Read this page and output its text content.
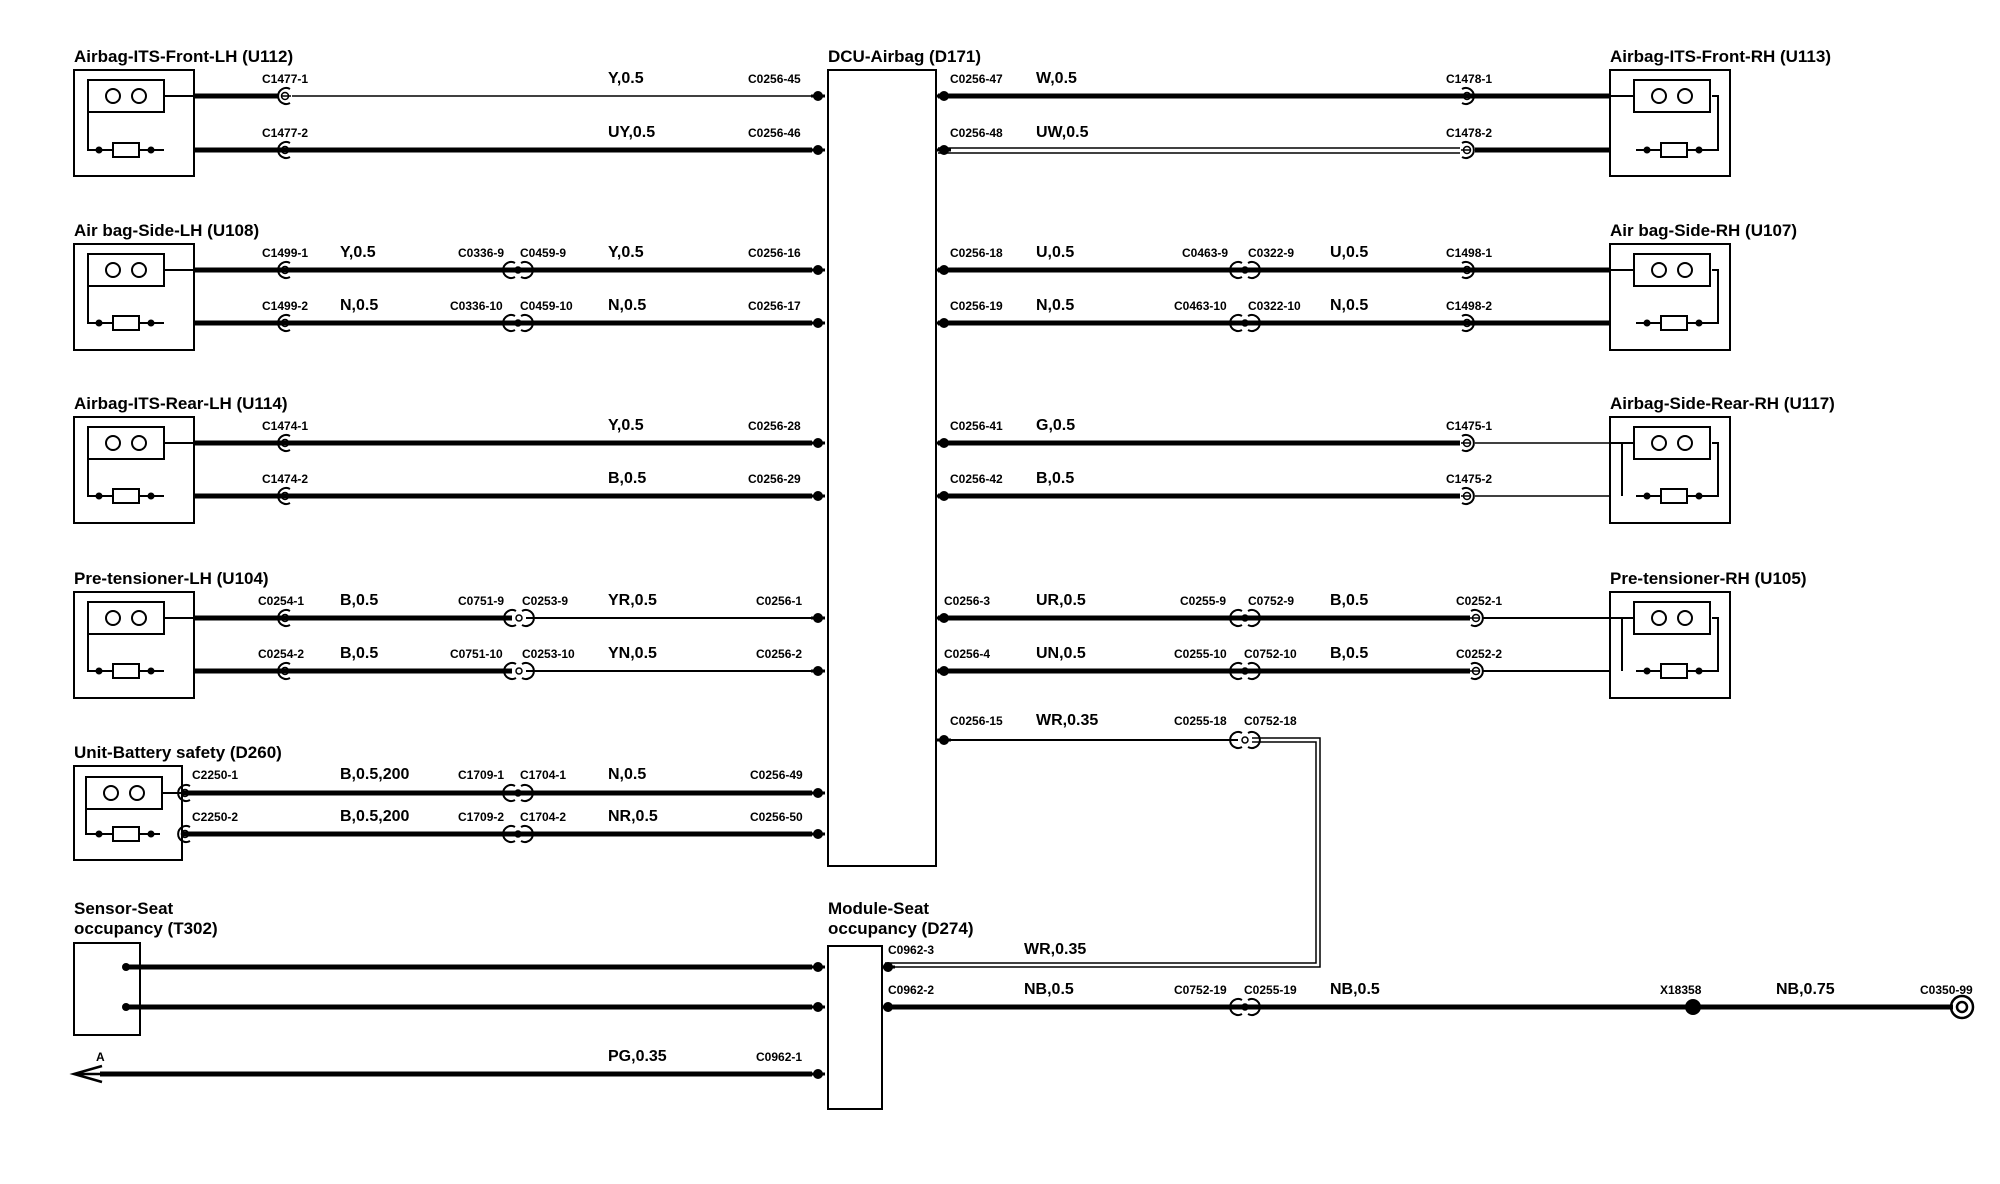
Airbag-ITS-Front-LH (U112)
Air bag-Side-LH (U108)
Airbag-ITS-Rear-LH (U114)
Pre-tensioner-LH (U104)
Unit-Battery safety (D260)
Sensor-Seat
occupancy (T302)
DCU-Airbag (D171)
Module-Seat
occupancy (D274)
Airbag-ITS-Front-RH (U113)
Air bag-Side-RH (U107)
Airbag-Side-Rear-RH (U117)
Pre-tensioner-RH (U105)
C1477-1
C1477-2
C0256-45
C0256-46
C0256-47
C0256-48
C1478-1
C1478-2
C1499-1
C1499-2
C0336-9 C0459-9
C0336-10 C0459-10
C0256-16
C0256-17
C0256-18
C0256-19
C0463-9 C0322-9
C0463-10 C0322-10
C1498-1
C1498-2
C1474-1
C1474-2
C0256-28
C0256-29
C0256-41
C0256-42
C1475-1
C1475-2
C0254-1
C0254-2
C0751-9 C0253-9
C0751-10 C0253-10
C0256-1
C0256-2
C0256-3
C0256-4
C0255-9 C0752-9
C0255-10 C0752-10
C0252-1
C0252-2
C0256-15	C0255-18 C0752-18
C2250-1
C2250-2
C1709-1 C1704-1
C1709-2 C1704-2
C0256-49
C0256-50
C0962-3
C0962-2
C0962-1
C0752-19 C0255-19	X18358	C0350-99
A
Y,0.5
UY,0.5
W,0.5
UW,0.5
Y,0.5	Y,0.5
N,0.5	N,0.5
U,0.5	U,0.5
N,0.5	N,0.5
Y,0.5
B,0.5
G,0.5
B,0.5
B,0.5	YR,0.5
B,0.5	YN,0.5
UR,0.5	B,0.5
UN,0.5	B,0.5
WR,0.35
B,0.5,200	N,0.5
B,0.5,200	NR,0.5
WR,0.35
NB,0.5	NB,0.5	NB,0.75
PG,0.35
